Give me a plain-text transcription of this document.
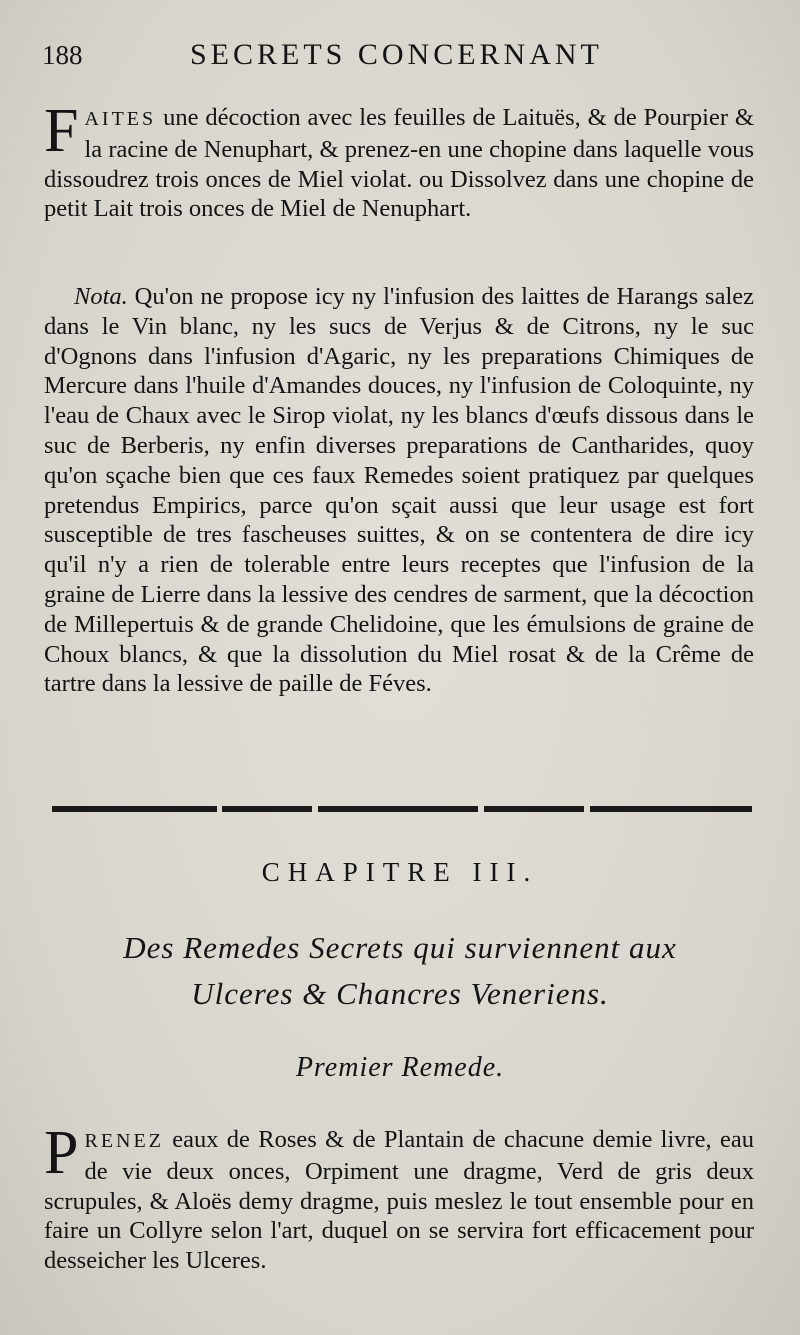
188	SECRETS CONCERNANT

FAITES une décoction avec les feuilles de Laituës, & de Pourpier & la racine de Nenuphart, & prenez-en une chopine dans laquelle vous dissoudrez trois onces de Miel violat. ou Dissolvez dans une chopine de petit Lait trois onces de Miel de Nenuphart.

Nota. Qu'on ne propose icy ny l'infusion des laittes de Harangs salez dans le Vin blanc, ny les sucs de Verjus & de Citrons, ny le suc d'Ognons dans l'infusion d'Agaric, ny les preparations Chimiques de Mercure dans l'huile d'Amandes douces, ny l'infusion de Coloquinte, ny l'eau de Chaux avec le Sirop violat, ny les blancs d'œufs dissous dans le suc de Berberis, ny enfin diverses preparations de Cantharides, quoy qu'on sçache bien que ces faux Remedes soient pratiquez par quelques pretendus Empirics, parce qu'on sçait aussi que leur usage est fort susceptible de tres fascheuses suittes, & on se contentera de dire icy qu'il n'y a rien de tolerable entre leurs receptes que l'infusion de la graine de Lierre dans la lessive des cendres de sarment, que la décoction de Millepertuis & de grande Chelidoine, que les émulsions de graine de Choux blancs, & que la dissolution du Miel rosat & de la Crême de tartre dans la lessive de paille de Féves.

CHAPITRE III.
Des Remedes Secrets qui surviennent aux
Ulceres & Chancres Veneriens.
Premier Remede.

PRENEZ eaux de Roses & de Plantain de chacune demie livre, eau de vie deux onces, Orpiment une dragme, Verd de gris deux scrupules, & Aloës demy dragme, puis meslez le tout ensemble pour en faire un Collyre selon l'art, duquel on se servira fort efficacement pour desseicher les Ulceres.
